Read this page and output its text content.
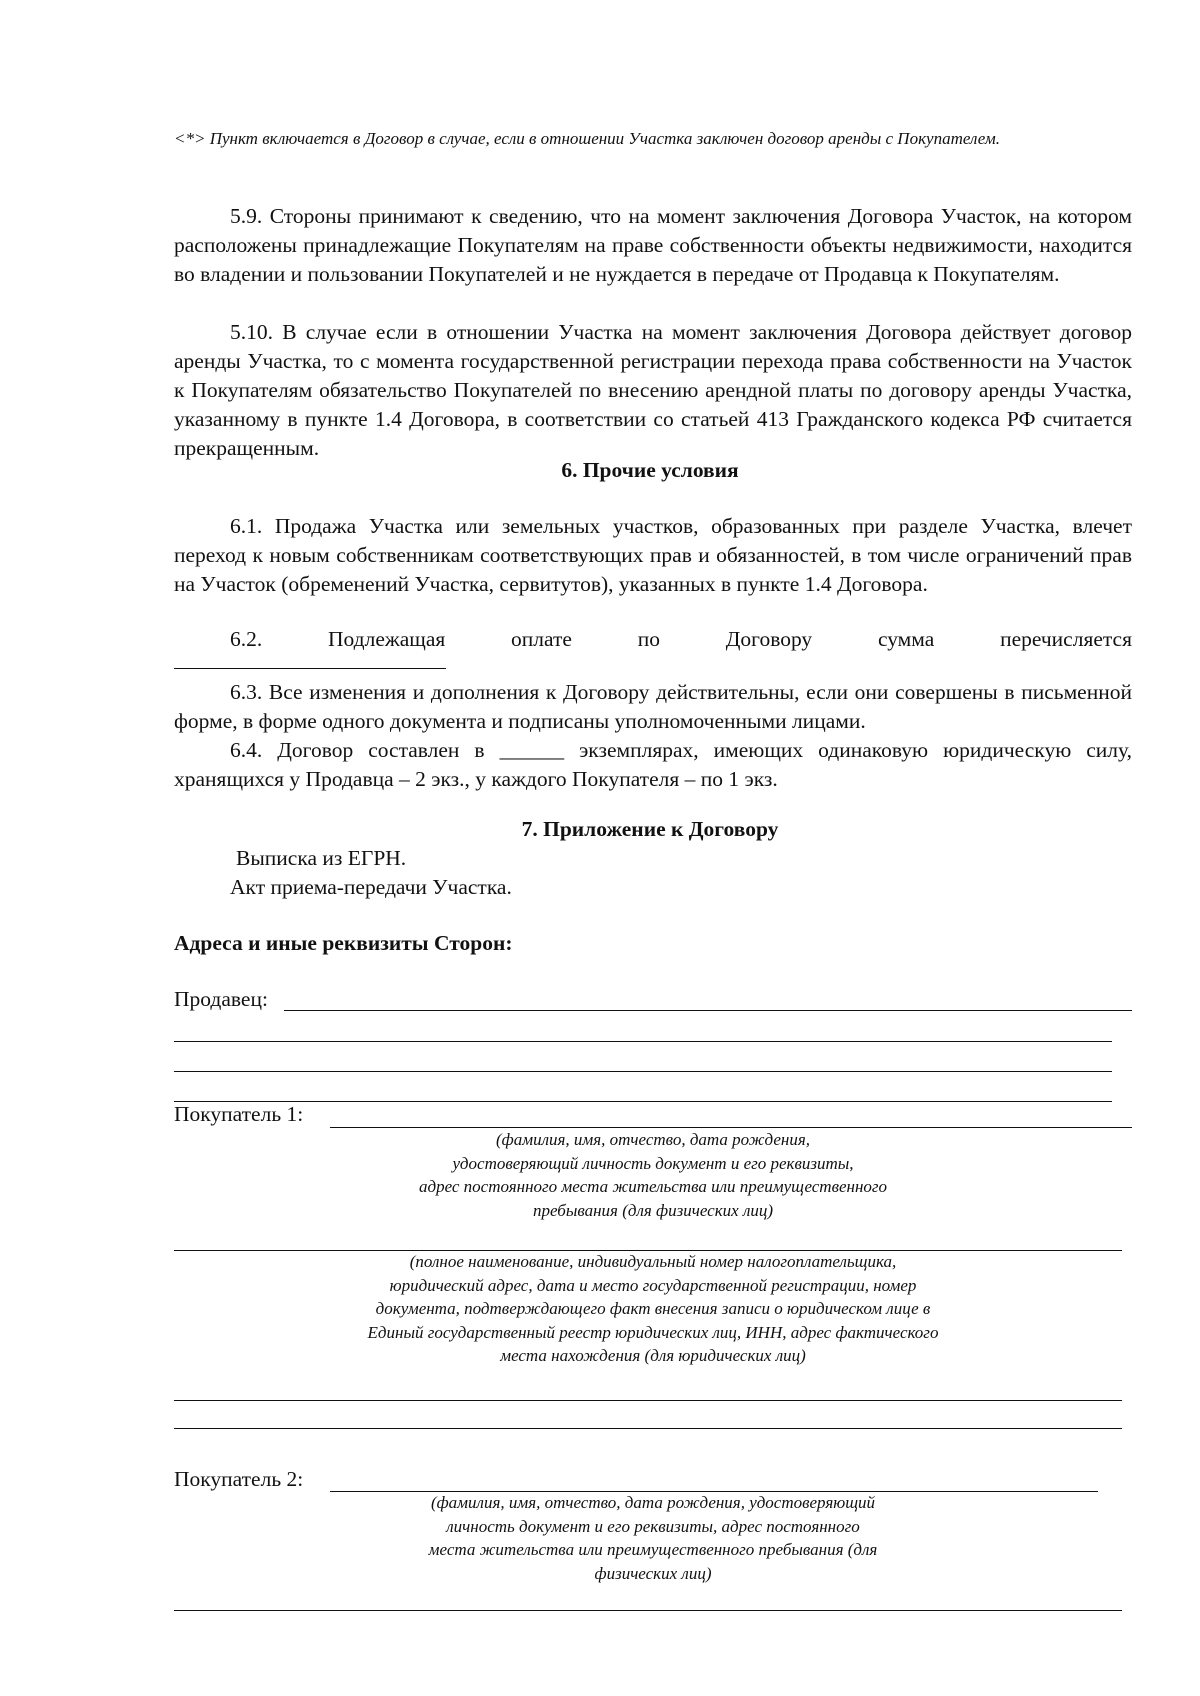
<*> Пункт включается в Договор в случае, если в отношении Участка заключен договор аренды с Покупателем.
5.9. Стороны принимают к сведению, что на момент заключения Договора Участок, на котором расположены принадлежащие Покупателям на праве собственности объекты недвижимости, находится во владении и пользовании Покупателей и не нуждается в передаче от Продавца к Покупателям.
5.10. В случае если в отношении Участка на момент заключения Договора действует договор аренды Участка, то с момента государственной регистрации перехода права собственности на Участок к Покупателям обязательство Покупателей по внесению арендной платы по договору аренды Участка, указанному в пункте 1.4 Договора, в соответствии со статьей 413 Гражданского кодекса РФ считается прекращенным.
6. Прочие условия
6.1. Продажа Участка или земельных участков, образованных при разделе Участка, влечет переход к новым собственникам соответствующих прав и обязанностей, в том числе ограничений прав на Участок (обременений Участка, сервитутов), указанных в пункте 1.4 Договора.
6.2.	Подлежащая	оплате	по	Договору	сумма	перечисляется
6.3. Все изменения и дополнения к Договору действительны, если они совершены в письменной форме, в форме одного документа и подписаны уполномоченными лицами.
6.4. Договор составлен в ______ экземплярах, имеющих одинаковую юридическую силу, хранящихся у Продавца – 2 экз., у каждого Покупателя – по 1 экз.
7. Приложение к Договору
Выписка из ЕГРН.
Акт приема-передачи Участка.
Адреса и иные реквизиты Сторон:
Продавец:
Покупатель 1:
(фамилия, имя, отчество, дата рождения,
удостоверяющий личность документ и его реквизиты,
адрес постоянного места жительства или преимущественного
пребывания (для физических лиц)
(полное наименование, индивидуальный номер налогоплательщика,
юридический адрес, дата и место государственной регистрации, номер
документа, подтверждающего факт внесения записи о юридическом лице в
Единый государственный реестр юридических лиц, ИНН, адрес фактического
места нахождения (для юридических лиц)
Покупатель 2:
(фамилия, имя, отчество, дата рождения, удостоверяющий
личность документ и его реквизиты, адрес постоянного
места жительства или преимущественного пребывания (для
физических лиц)
